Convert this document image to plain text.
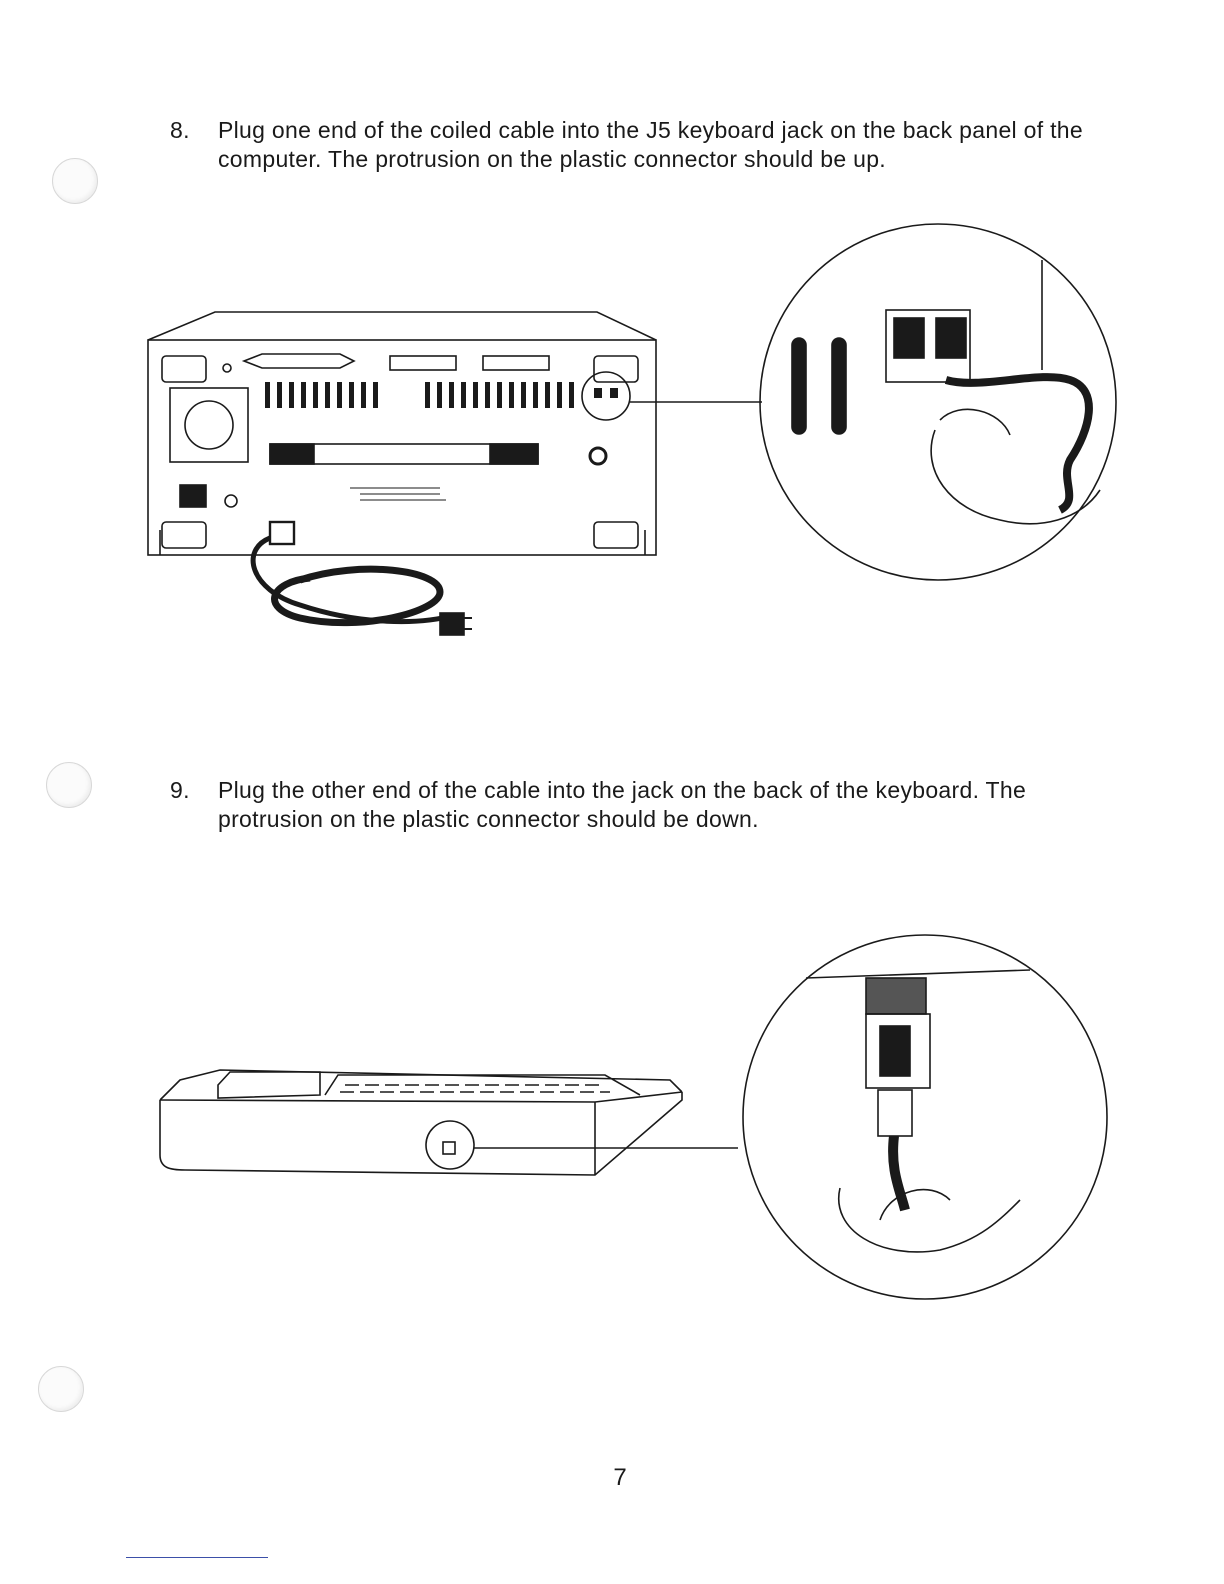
8. Plug one end of the coiled cable into the J5 keyboard jack on the back panel of the computer. The protrusion on the plastic connector should be up.
9. Plug the other end of the cable into the jack on the back of the keyboard. The protrusion on the plastic connector should be down.
7
